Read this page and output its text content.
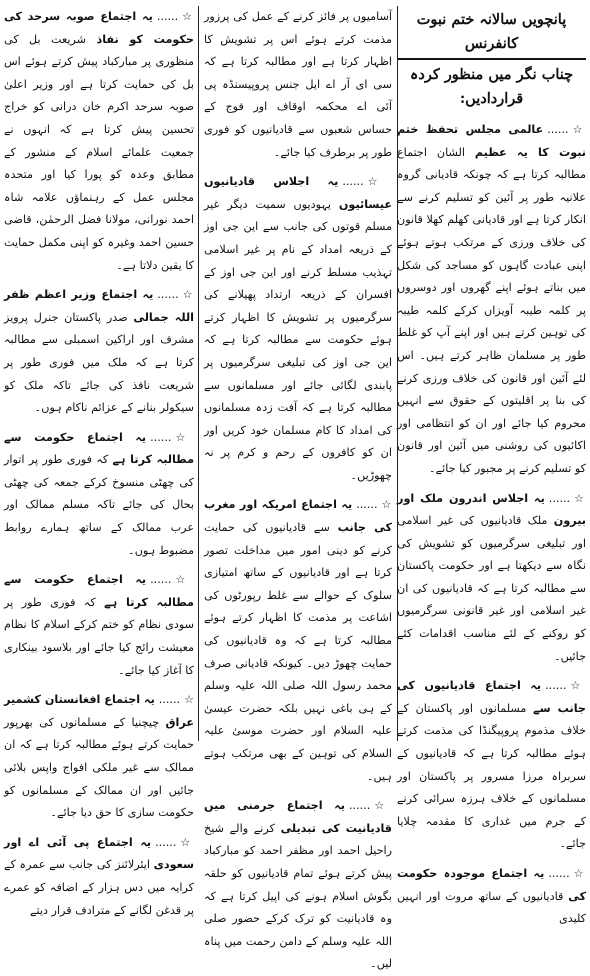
پانچویں سالانہ ختم نبوت کانفرنس
چناب نگر میں منظور کردہ قراردادیں:

☆......عالمی مجلس تحفظ ختم نبوت کا یہ عظیم الشان اجتماع مطالبہ کرتا ہے کہ چونکہ قادیانی گروہ علانیہ طور پر آئین کو تسلیم کرنے سے انکار کرتا ہے اور قادیانی کھلم کھلا قانون کی خلاف ورزی کے مرتکب ہوتے ہوئے اپنی عبادت گاہوں کو مساجد کی شکل میں بناتے ہوئے اپنے گھروں اور دوسروں پر کلمہ طیبہ آویزاں کرکے کلمہ طیبہ کی توہین کرتے ہیں اور اپنے آپ کو غلط طور پر مسلمان ظاہر کرتے ہیں۔ اس لئے آئین اور قانون کی خلاف ورزی کرنے کی بنا پر اقلیتوں کے حقوق سے انہیں محروم کیا جائے اور ان کو انتظامی اور اکائیوں کی روشنی میں آئین اور قانون کو تسلیم کرنے پر مجبور کیا جائے۔

☆......یہ اجلاس اندرون ملک اور بیرون ملک قادیانیوں کی غیر اسلامی اور تبلیغی سرگرمیوں کو تشویش کی نگاہ سے دیکھتا ہے اور حکومت پاکستان سے مطالبہ کرتا ہے کہ قادیانیوں کی ان غیر اسلامی اور غیر قانونی سرگرمیوں کو روکنے کے لئے مناسب اقدامات کئے جائیں۔

☆......یہ اجتماع قادیانیوں کی جانب سے مسلمانوں اور پاکستان کے خلاف مذموم پروپیگنڈا کی مذمت کرتے ہوئے مطالبہ کرتا ہے کہ قادیانیوں کے سربراہ مرزا مسرور پر پاکستان اور مسلمانوں کے خلاف ہرزہ سرائی کرنے کے جرم میں غداری کا مقدمہ چلایا جائے۔

☆......یہ اجتماع موجودہ حکومت کی قادیانیوں کے ساتھ مروت اور انہیں کلیدی

آسامیوں پر فائز کرنے کے عمل کی پرزور مذمت کرتے ہوئے اس پر تشویش کا اظہار کرتا ہے اور مطالبہ کرتا ہے کہ سی ای آر اے ایل جنس پروپیسنڈہ پی آئی اے محکمہ اوقاف اور فوج کے حساس شعبوں سے قادیانیوں کو فوری طور پر برطرف کیا جائے۔

☆......یہ اجلاس قادیانیوں عیسائیوں یہودیوں سمیت دیگر غیر مسلم قوتوں کی جانب سے این جی اوز کے ذریعہ امداد کے نام پر غیر اسلامی تہذیب مسلط کرنے اور این جی اوز کے افسران کے ذریعہ ارتداد پھیلانے کی سرگرمیوں پر تشویش کا اظہار کرتے ہوئے حکومت سے مطالبہ کرتا ہے کہ این جی اوز کی تبلیغی سرگرمیوں پر پابندی لگائی جائے اور مسلمانوں سے مطالبہ کرتا ہے کہ آفت زدہ مسلمانوں کی امداد کا کام مسلمان خود کریں اور ان کو کافروں کے رحم و کرم پر نہ چھوڑیں۔

☆......یہ اجتماع امریکہ اور مغرب کی جانب سے قادیانیوں کی حمایت کرنے کو دینی امور میں مداخلت تصور کرتا ہے اور قادیانیوں کے ساتھ امتیازی سلوک کے حوالے سے غلط رپورٹوں کی اشاعت پر مذمت کا اظہار کرتے ہوئے مطالبہ کرتا ہے کہ وہ قادیانیوں کی حمایت چھوڑ دیں۔ کیونکہ قادیانی صرف محمد رسول اللہ صلی اللہ علیہ وسلم کے ہی باغی نہیں بلکہ حضرت عیسیٰ علیہ السلام اور حضرت موسیٰ علیہ السلام کی توہین کے بھی مرتکب ہوتے ہیں۔

☆......یہ اجتماع جرمنی میں قادیانیت کی تبدیلی کرنے والے شیخ راحیل احمد اور مظفر احمد کو مبارکباد پیش کرتے ہوئے تمام قادیانیوں کو حلقہ بگوش اسلام ہونے کی اپیل کرتا ہے کہ وہ قادیانیت کو ترک کرکے حضور صلی اللہ علیہ وسلم کے دامن رحمت میں پناہ لیں۔

☆......یہ اجتماع صوبہ سرحد کی حکومت کو نفاذ شریعت بل کی منظوری پر مبارکباد پیش کرتے ہوئے اس بل کی حمایت کرتا ہے اور وزیر اعلیٰ صوبہ سرحد اکرم خان درانی کو خراج تحسین پیش کرتا ہے کہ انہوں نے جمعیت علمائے اسلام کے منشور کے مطابق وعدہ کو پورا کیا اور متحدہ مجلس عمل کے رہنماؤں علامہ شاہ احمد نورانی، مولانا فضل الرحمٰن، قاضی حسین احمد وغیرہ کو اپنی مکمل حمایت کا یقین دلاتا ہے۔

☆......یہ اجتماع وزیر اعظم ظفر اللہ جمالی صدر پاکستان جنرل پرویز مشرف اور اراکین اسمبلی سے مطالبہ کرتا ہے کہ ملک میں فوری طور پر شریعت نافذ کی جائے تاکہ ملک کو سیکولر بنانے کے عزائم ناکام ہوں۔

☆......یہ اجتماع حکومت سے مطالبہ کرتا ہے کہ فوری طور پر اتوار کی چھٹی منسوخ کرکے جمعہ کی چھٹی بحال کی جائے تاکہ مسلم ممالک اور عرب ممالک کے ساتھ ہمارے روابط مضبوط ہوں۔

☆......یہ اجتماع حکومت سے مطالبہ کرتا ہے کہ فوری طور پر سودی نظام کو ختم کرکے اسلام کا نظام معیشت رائج کیا جائے اور بلاسود بینکاری کا آغاز کیا جائے۔

☆......یہ اجتماع افغانستان کشمیر عراق چیچنیا کے مسلمانوں کی بھرپور حمایت کرتے ہوئے مطالبہ کرتا ہے کہ ان ممالک سے غیر ملکی افواج واپس بلائی جائیں اور ان ممالک کے مسلمانوں کو حکومت سازی کا حق دیا جائے۔

☆......یہ اجتماع پی آئی اے اور سعودی ایئرلائنز کی جانب سے عمرہ کے کرایہ میں دس ہزار کے اضافہ کو عمرے پر قدغن لگانے کے مترادف قرار دیتے
